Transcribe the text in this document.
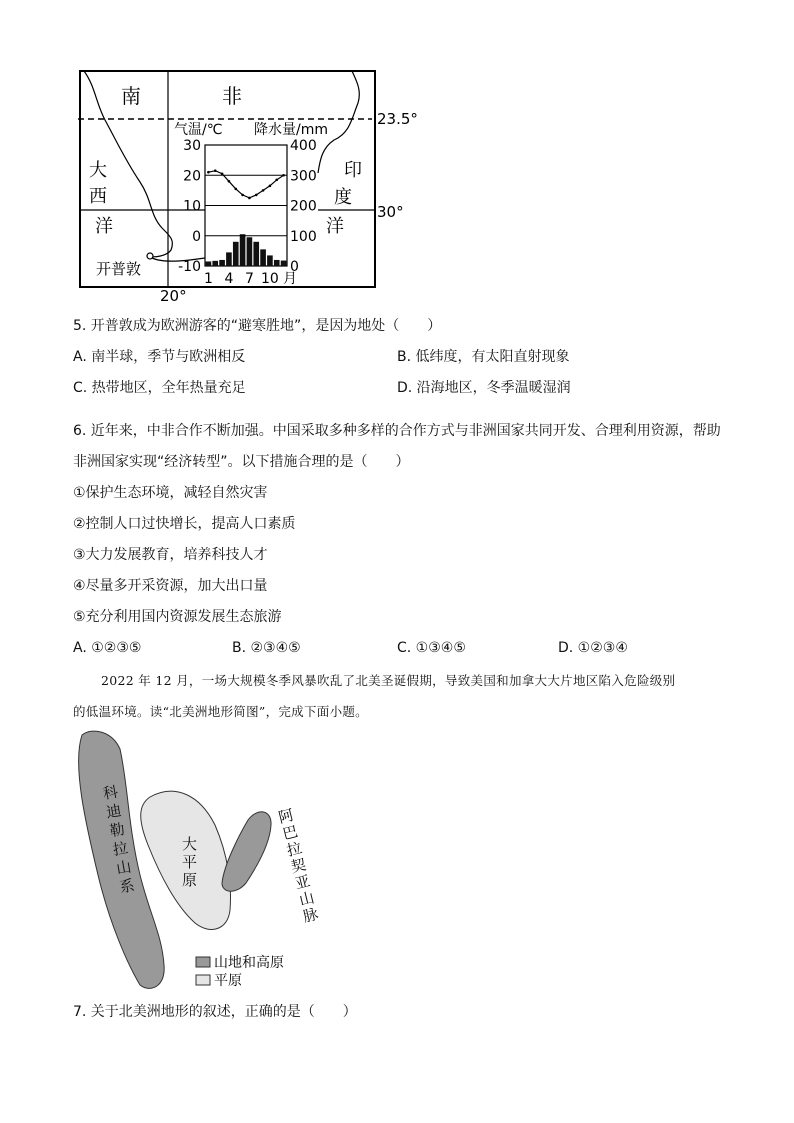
南	非
23.5°
30°
20°
大
西
洋
印
度
洋
开普敦
气温/℃ 降水量/mm
30
20
10
0
-10
400
300
200
100
0
1 4 7 10 月
5. 开普敦成为欧洲游客的“避寒胜地”，是因为地处（　　）
A. 南半球，季节与欧洲相反	B. 低纬度，有太阳直射现象
C. 热带地区，全年热量充足	D. 沿海地区，冬季温暖湿润
6. 近年来，中非合作不断加强。中国采取多种多样的合作方式与非洲国家共同开发、合理利用资源，帮助
非洲国家实现“经济转型”。以下措施合理的是（　　）
①保护生态环境，减轻自然灾害
②控制人口过快增长，提高人口素质
③大力发展教育，培养科技人才
④尽量多开采资源，加大出口量
⑤充分利用国内资源发展生态旅游
A. ①②③⑤	B. ②③④⑤	C. ①③④⑤	D. ①②③④
2022 年 12 月，一场大规模冬季风暴吹乱了北美圣诞假期，导致美国和加拿大大片地区陷入危险级别
的低温环境。读“北美洲地形简图”，完成下面小题。
科
迪
勒
拉
山
系
大
平
原
阿
巴
拉
契
亚
山
脉
山地和高原
平原
7. 关于北美洲地形的叙述，正确的是（　　）
